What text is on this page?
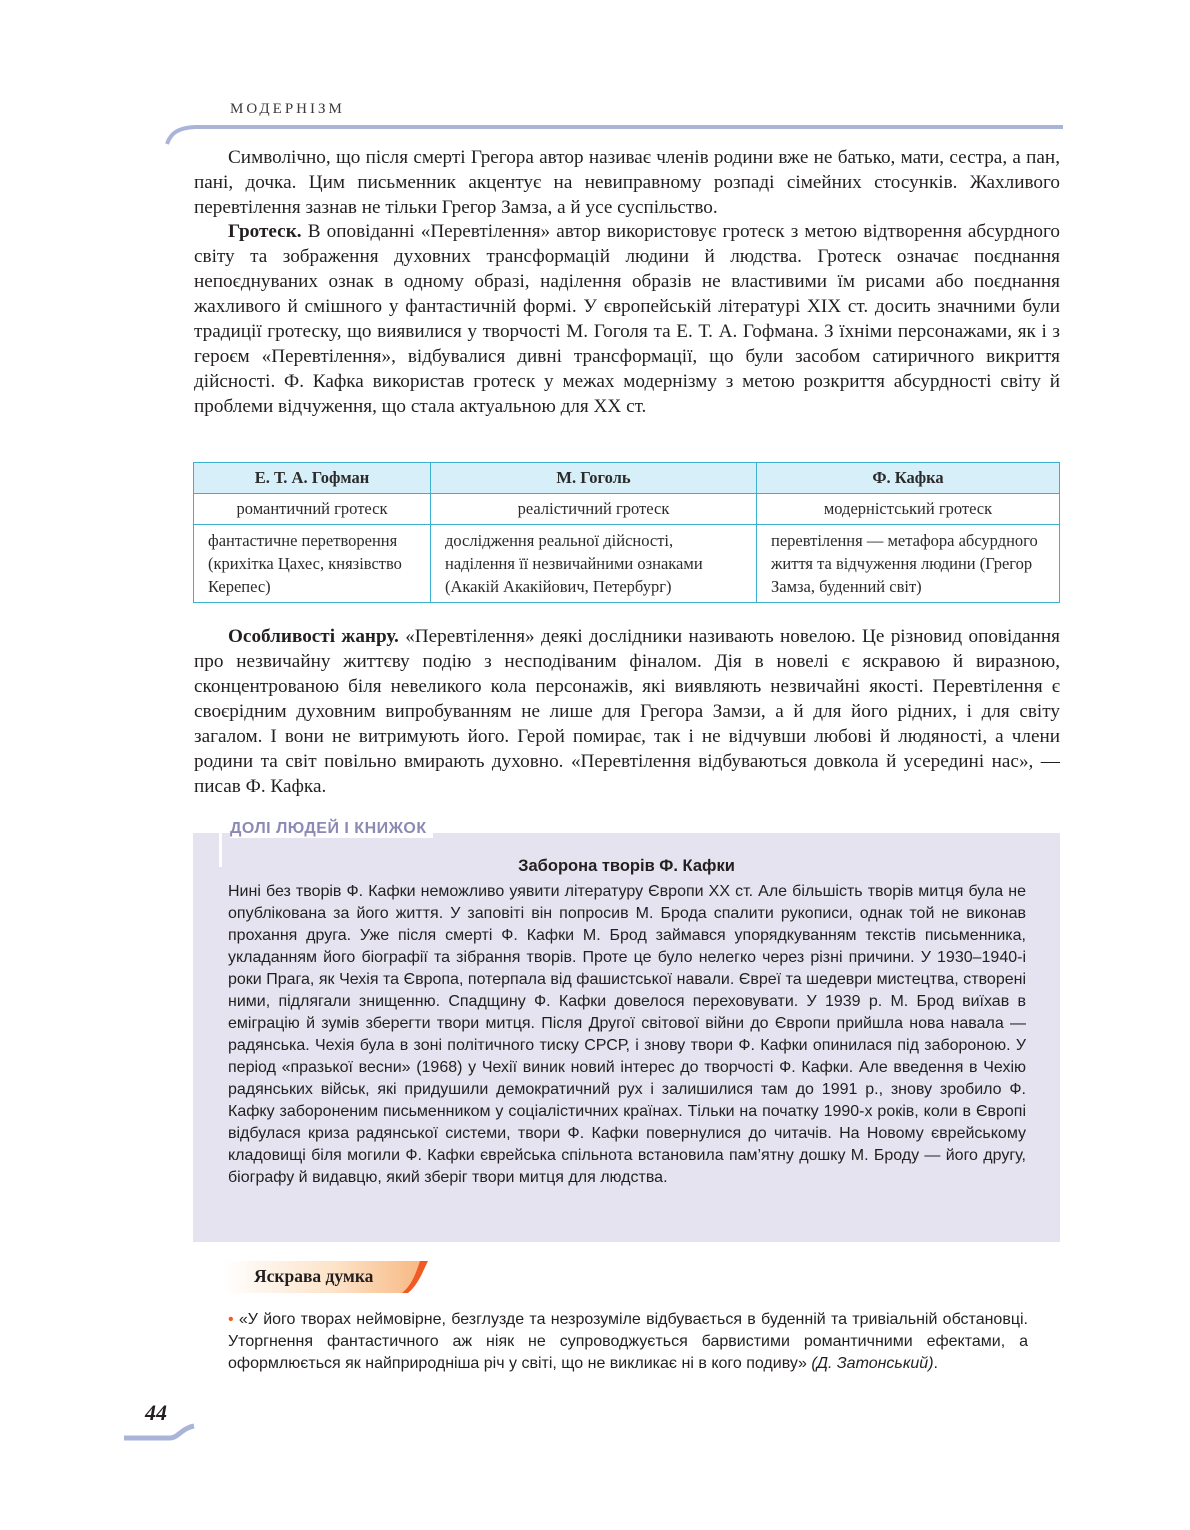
МОДЕРНІЗМ

Символічно, що після смерті Грегора автор називає членів родини вже не батько, мати, сестра, а пан, пані, дочка. Цим письменник акцентує на невиправному розпаді сімейних стосунків. Жахливого перевтілення зазнав не тільки Грегор Замза, а й усе суспільство.

Гротеск. В оповіданні «Перевтілення» автор використовує гротеск з метою відтворення абсурдного світу та зображення духовних трансформацій людини й людства. Гротеск означає поєднання непоєднуваних ознак в одному образі, наділення образів не властивими їм рисами або поєднання жахливого й смішного у фантастичній формі. У європейській літературі XIX ст. досить значними були традиції гротеску, що виявилися у творчості М. Гоголя та Е. Т. А. Гофмана. З їхніми персонажами, як і з героєм «Перевтілення», відбувалися дивні трансформації, що були засобом сатиричного викриття дійсності. Ф. Кафка використав гротеск у межах модернізму з метою розкриття абсурдності світу й проблеми відчуження, що стала актуальною для XX ст.

Е. Т. А. Гофман	М. Гоголь	Ф. Кафка
романтичний гротеск	реалістичний гротеск	модерністський гротеск
фантастичне перетворення (крихітка Цахес, князівство Керепес)	дослідження реальної дійсності, наділення її незвичайними ознаками (Акакій Акакійович, Петербург)	перевтілення — метафора абсурдного життя та відчуження людини (Грегор Замза, буденний світ)

Особливості жанру. «Перевтілення» деякі дослідники називають новелою. Це різновид оповідання про незвичайну життєву подію з несподіваним фіналом. Дія в новелі є яскравою й виразною, сконцентрованою біля невеликого кола персонажів, які виявляють незвичайні якості. Перевтілення є своєрідним духовним випробуванням не лише для Грегора Замзи, а й для його рідних, і для світу загалом. І вони не витримують його. Герой помирає, так і не відчувши любові й людяності, а члени родини та світ повільно вмирають духовно. «Перевтілення відбуваються довкола й усередині нас», — писав Ф. Кафка.

ДОЛІ ЛЮДЕЙ І КНИЖОК
Заборона творів Ф. Кафки
Нині без творів Ф. Кафки неможливо уявити літературу Європи XX ст. Але більшість творів митця була не опублікована за його життя. У заповіті він попросив М. Брода спалити рукописи, однак той не виконав прохання друга. Уже після смерті Ф. Кафки М. Брод займався упорядкуванням текстів письменника, укладанням його біографії та зібрання творів. Проте це було нелегко через різні причини. У 1930–1940-і роки Прага, як Чехія та Європа, потерпала від фашистської навали. Євреї та шедеври мистецтва, створені ними, підлягали знищенню. Спадщину Ф. Кафки довелося переховувати. У 1939 р. М. Брод виїхав в еміграцію й зумів зберегти твори митця. Після Другої світової війни до Європи прийшла нова навала — радянська. Чехія була в зоні політичного тиску СРСР, і знову твори Ф. Кафки опинилася під забороною. У період «празької весни» (1968) у Чехії виник новий інтерес до творчості Ф. Кафки. Але введення в Чехію радянських військ, які придушили демократичний рух і залишилися там до 1991 р., знову зробило Ф. Кафку забороненим письменником у соціалістичних країнах. Тільки на початку 1990-х років, коли в Європі відбулася криза радянської системи, твори Ф. Кафки повернулися до читачів. На Новому єврейському кладовищі біля могили Ф. Кафки єврейська спільнота встановила пам’ятну дошку М. Броду — його другу, біографу й видавцю, який зберіг твори митця для людства.
Яскрава думка
• «У його творах неймовірне, безглузде та незрозуміле відбувається в буденній та тривіальній обстановці. Уторгнення фантастичного аж ніяк не супроводжується барвистими романтичними ефектами, а оформлюється як найприродніша річ у світі, що не викликає ні в кого подиву» (Д. Затонський).
44
